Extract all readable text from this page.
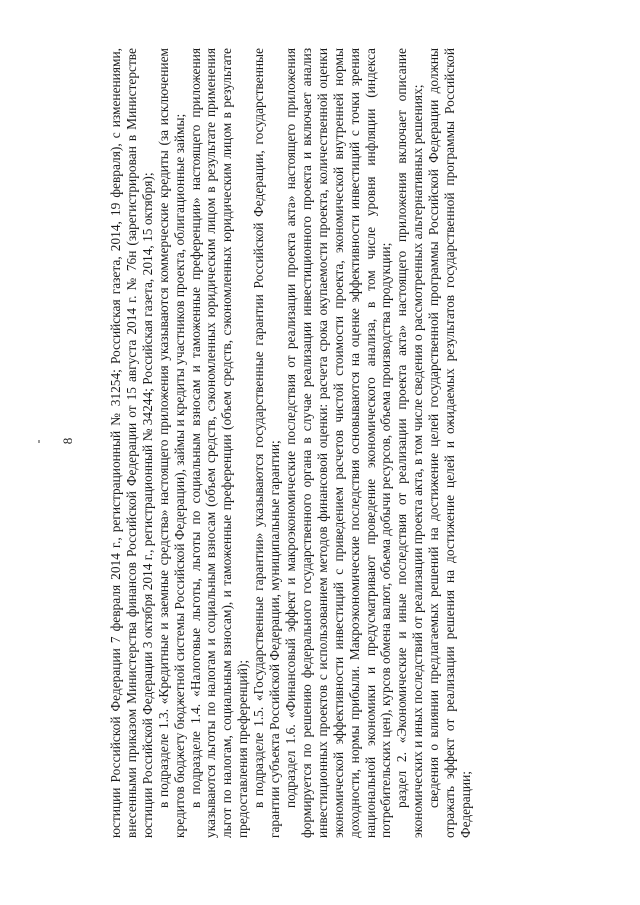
8 юстиции Российской Федерации 7 февраля 2014 г., регистрационный № 31254; Российская газета, 2014, 19 февраля), с изменениями, внесенными приказом Министерства финансов Российской Федерации от 15 августа 2014 г. № 76н (зарегистрирован в Министерстве юстиции Российской Федерации 3 октября 2014 г., регистрационный № 34244; Российская газета, 2014, 15 октября); в подразделе 1.3. «Кредитные и заемные средства» настоящего приложения указываются коммерческие кредиты (за исключением кредитов бюджету бюджетной системы Российской Федерации), займы и кредиты участников проекта, облигационные займы; в подразделе 1.4. «Налоговые льготы, льготы по социальным взносам и таможенные преференции» настоящего приложения указываются льготы по налогам и социальным взносам (объем средств, сэкономленных юридическим лицом в результате применения льгот по налогам, социальным взносам), и таможенные преференции (объем средств, сэкономленных юридическим лицом в результате предоставления преференций); в подразделе 1.5. «Государственные гарантии» указываются государственные гарантии Российской Федерации, государственные гарантии субъекта Российской Федерации, муниципальные гарантии; подраздел 1.6. «Финансовый эффект и макроэкономические последствия от реализации проекта акта» настоящего приложения формируется по решению федерального государственного органа в случае реализации инвестиционного проекта и включает анализ инвестиционных проектов с использованием методов финансовой оценки: расчета срока окупаемости проекта, количественной оценки экономической эффективности инвестиций с приведением расчетов чистой стоимости проекта, экономической внутренней нормы доходности, нормы прибыли. Макроэкономические последствия основываются на оценке эффективности инвестиций с точки зрения национальной экономики и предусматривают проведение экономического анализа, в том числе уровня инфляции (индекса потребительских цен), курсов обмена валют, объема добычи ресурсов, объема производства продукции; раздел 2. «Экономические и иные последствия от реализации проекта акта» настоящего приложения включает описание экономических и иных последствий от реализации проекта акта, в том числе сведения о рассмотренных альтернативных решениях; сведения о влиянии предлагаемых решений на достижение целей государственной программы Российской Федерации должны отражать эффект от реализации решения на достижение целей и ожидаемых результатов государственной программы Российской Федерации;
